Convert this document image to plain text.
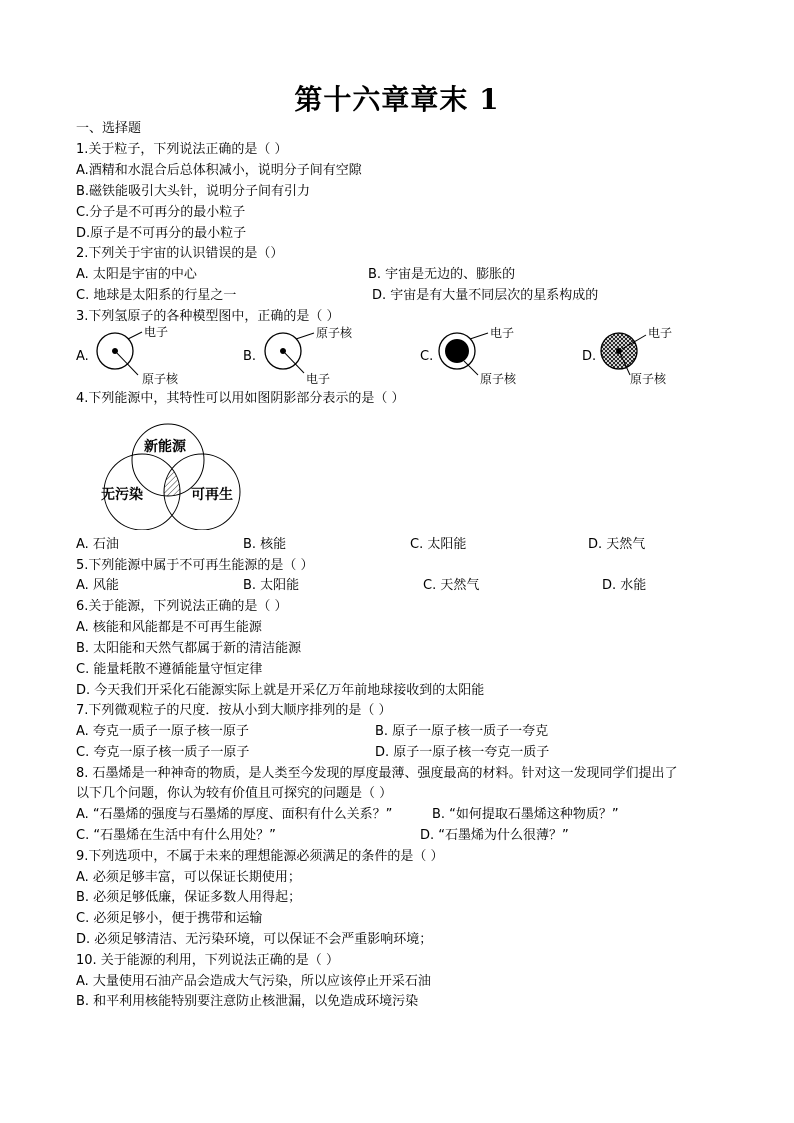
第十六章章末 1
一、选择题
1.关于粒子，下列说法正确的是（ ）
A.酒精和水混合后总体积减小，说明分子间有空隙
B.磁铁能吸引大头针，说明分子间有引力
C.分子是不可再分的最小粒子
D.原子是不可再分的最小粒子
2.下列关于宇宙的认识错误的是（）
A. 太阳是宇宙的中心	B. 宇宙是无边的、膨胀的
C. 地球是太阳系的行星之一	D. 宇宙是有大量不同层次的星系构成的
3.下列氢原子的各种模型图中，正确的是（ ）
A.
电子
原子核
B.
原子核
电子
C.
电子
原子核
D.
电子
原子核
4.下列能源中，其特性可以用如图阴影部分表示的是（ ）
新能源
无污染	可再生
A. 石油	B. 核能	C. 太阳能	D. 天然气
5.下列能源中属于不可再生能源的是（ ）
A. 风能	B. 太阳能	C. 天然气	D. 水能
6.关于能源，下列说法正确的是（ ）
A. 核能和风能都是不可再生能源
B. 太阳能和天然气都属于新的清洁能源
C. 能量耗散不遵循能量守恒定律
D. 今天我们开采化石能源实际上就是开采亿万年前地球接收到的太阳能
7.下列微观粒子的尺度．按从小到大顺序排列的是（ ）
A. 夸克一质子一原子核一原子	B. 原子一原子核一质子一夸克
C. 夸克一原子核一质子一原子	D. 原子一原子核一夸克一质子
8. 石墨烯是一种神奇的物质，是人类至今发现的厚度最薄、强度最高的材料。针对这一发现同学们提出了
以下几个问题，你认为较有价值且可探究的问题是（ ）
A. “石墨烯的强度与石墨烯的厚度、面积有什么关系？”	B. “如何提取石墨烯这种物质？”
C. “石墨烯在生活中有什么用处？”	D. “石墨烯为什么很薄？”
9.下列选项中，不属于未来的理想能源必须满足的条件的是（ ）
A. 必须足够丰富，可以保证长期使用；
B. 必须足够低廉，保证多数人用得起；
C. 必须足够小，便于携带和运输
D. 必须足够清洁、无污染环境，可以保证不会严重影响环境；
10. 关于能源的利用，下列说法正确的是（ ）
A. 大量使用石油产品会造成大气污染，所以应该停止开采石油
B. 和平利用核能特别要注意防止核泄漏，以免造成环境污染
